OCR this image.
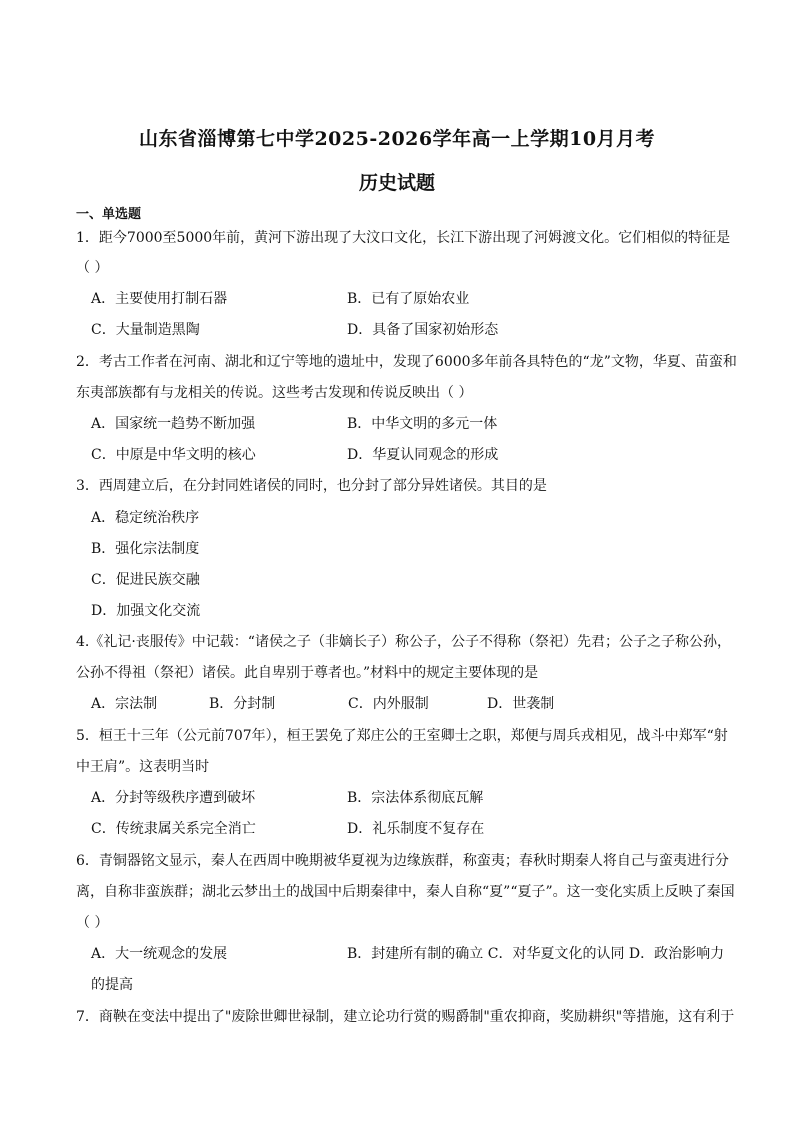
山东省淄博第七中学2025-2026学年高一上学期10月月考
历史试题
一、单选题
1．距今7000至5000年前，黄河下游出现了大汶口文化，长江下游出现了河姆渡文化。它们相似的特征是
（ ）
A．主要使用打制石器	B．已有了原始农业
C．大量制造黑陶	D．具备了国家初始形态
2．考古工作者在河南、湖北和辽宁等地的遗址中，发现了6000多年前各具特色的“龙”文物，华夏、苗蛮和
东夷部族都有与龙相关的传说。这些考古发现和传说反映出（ ）
A．国家统一趋势不断加强	B．中华文明的多元一体
C．中原是中华文明的核心	D．华夏认同观念的形成
3．西周建立后，在分封同姓诸侯的同时，也分封了部分异姓诸侯。其目的是
A．稳定统治秩序
B．强化宗法制度
C．促进民族交融
D．加强文化交流
4.《礼记·丧服传》中记载：“诸侯之子（非嫡长子）称公子，公子不得称（祭祀）先君；公子之子称公孙，
公孙不得祖（祭祀）诸侯。此自卑别于尊者也。”材料中的规定主要体现的是
A．宗法制	B．分封制	C．内外服制	D．世袭制
5．桓王十三年（公元前707年），桓王罢免了郑庄公的王室卿士之职，郑便与周兵戎相见，战斗中郑军“射
中王肩”。这表明当时
A．分封等级秩序遭到破坏	B．宗法体系彻底瓦解
C．传统隶属关系完全消亡	D．礼乐制度不复存在
6．青铜器铭文显示，秦人在西周中晚期被华夏视为边缘族群，称蛮夷；春秋时期秦人将自己与蛮夷进行分
离，自称非蛮族群；湖北云梦出土的战国中后期秦律中，秦人自称“夏”“夏子”。这一变化实质上反映了秦国
（ ）
A．大一统观念的发展	B．封建所有制的确立 C．对华夏文化的认同 D．政治影响力
的提高
7．商鞅在变法中提出了"废除世卿世禄制，建立论功行赏的赐爵制"重农抑商，奖励耕织"等措施，这有利于
